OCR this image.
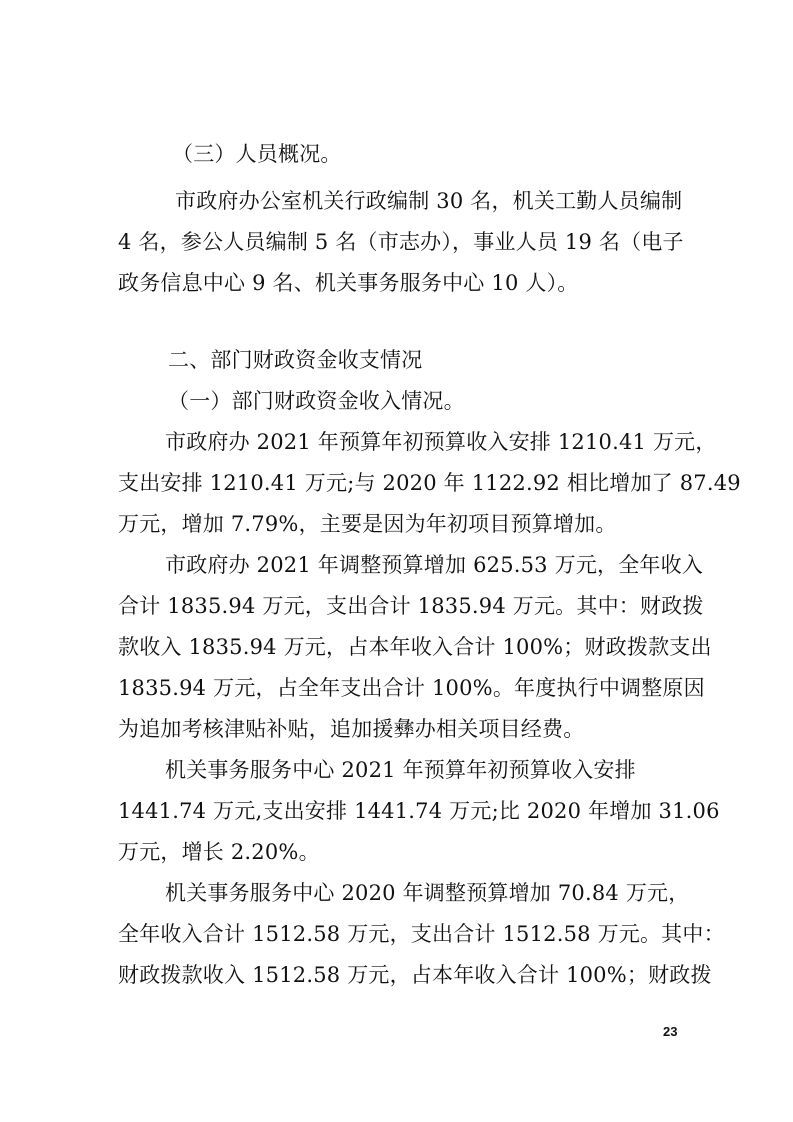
（三）人员概况。
市政府办公室机关行政编制 30 名，机关工勤人员编制
4 名，参公人员编制 5 名（市志办），事业人员 19 名（电子
政务信息中心 9 名、机关事务服务中心 10 人）。
二、部门财政资金收支情况
（一）部门财政资金收入情况。
市政府办 2021 年预算年初预算收入安排 1210.41 万元，
支出安排 1210.41 万元;与 2020 年 1122.92 相比增加了 87.49
万元，增加 7.79%，主要是因为年初项目预算增加。
市政府办 2021 年调整预算增加 625.53 万元，全年收入
合计 1835.94 万元，支出合计 1835.94 万元。其中：财政拨
款收入 1835.94 万元，占本年收入合计 100%；财政拨款支出
1835.94 万元，占全年支出合计 100%。年度执行中调整原因
为追加考核津贴补贴，追加援彝办相关项目经费。
机关事务服务中心 2021 年预算年初预算收入安排
1441.74 万元,支出安排 1441.74 万元;比 2020 年增加 31.06
万元，增长 2.20%。
机关事务服务中心 2020 年调整预算增加 70.84 万元，
全年收入合计 1512.58 万元，支出合计 1512.58 万元。其中：
财政拨款收入 1512.58 万元，占本年收入合计 100%；财政拨
23
